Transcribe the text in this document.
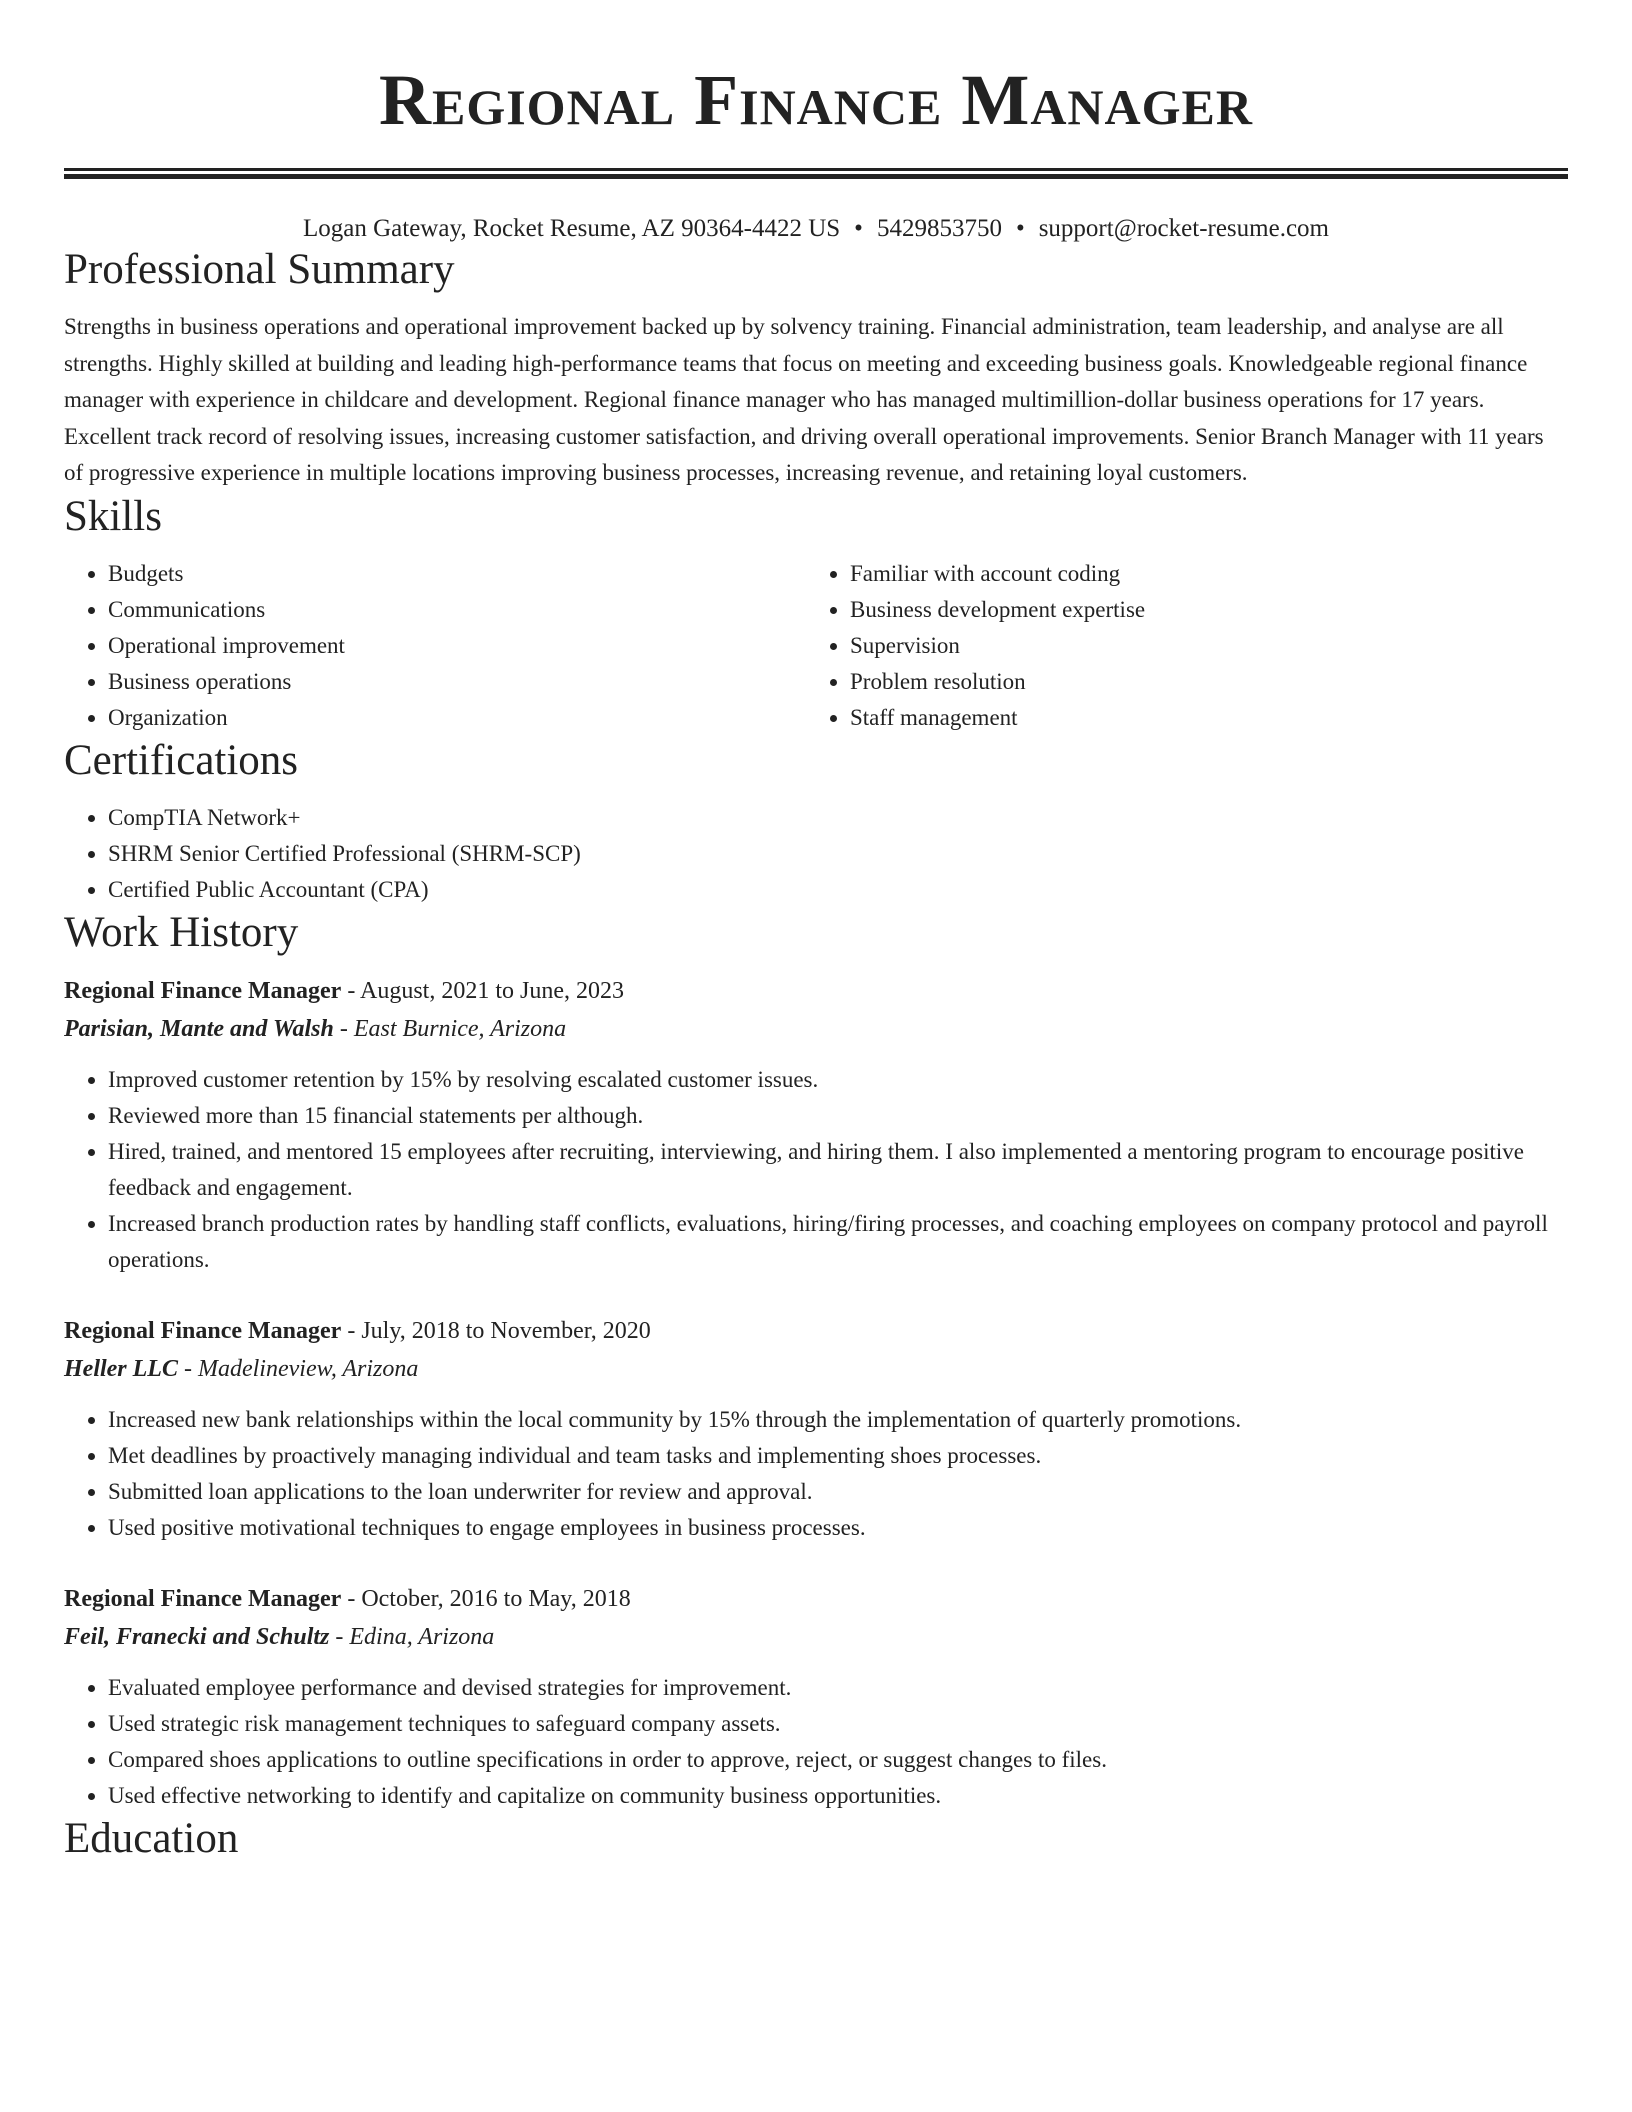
Regional Finance Manager
Logan Gateway, Rocket Resume, AZ 90364-4422 US • 5429853750 • support@rocket-resume.com
Professional Summary

Strengths in business operations and operational improvement backed up by solvency training. Financial administration, team leadership, and analyse are all strengths. Highly skilled at building and leading high-performance teams that focus on meeting and exceeding business goals. Knowledgeable regional finance manager with experience in childcare and development. Regional finance manager who has managed multimillion-dollar business operations for 17 years. Excellent track record of resolving issues, increasing customer satisfaction, and driving overall operational improvements. Senior Branch Manager with 11 years of progressive experience in multiple locations improving business processes, increasing revenue, and retaining loyal customers.

Skills
• Budgets
• Communications
• Operational improvement
• Business operations
• Organization
• Familiar with account coding
• Business development expertise
• Supervision
• Problem resolution
• Staff management
Certifications
• CompTIA Network+
• SHRM Senior Certified Professional (SHRM-SCP)
• Certified Public Accountant (CPA)
Work History
Regional Finance Manager - August, 2021 to June, 2023
Parisian, Mante and Walsh - East Burnice, Arizona
• Improved customer retention by 15% by resolving escalated customer issues.
• Reviewed more than 15 financial statements per although.
• Hired, trained, and mentored 15 employees after recruiting, interviewing, and hiring them. I also implemented a mentoring program to encourage positive feedback and engagement.
• Increased branch production rates by handling staff conflicts, evaluations, hiring/firing processes, and coaching employees on company protocol and payroll operations.
Regional Finance Manager - July, 2018 to November, 2020
Heller LLC - Madelineview, Arizona
• Increased new bank relationships within the local community by 15% through the implementation of quarterly promotions.
• Met deadlines by proactively managing individual and team tasks and implementing shoes processes.
• Submitted loan applications to the loan underwriter for review and approval.
• Used positive motivational techniques to engage employees in business processes.
Regional Finance Manager - October, 2016 to May, 2018
Feil, Franecki and Schultz - Edina, Arizona
• Evaluated employee performance and devised strategies for improvement.
• Used strategic risk management techniques to safeguard company assets.
• Compared shoes applications to outline specifications in order to approve, reject, or suggest changes to files.
• Used effective networking to identify and capitalize on community business opportunities.
Education
